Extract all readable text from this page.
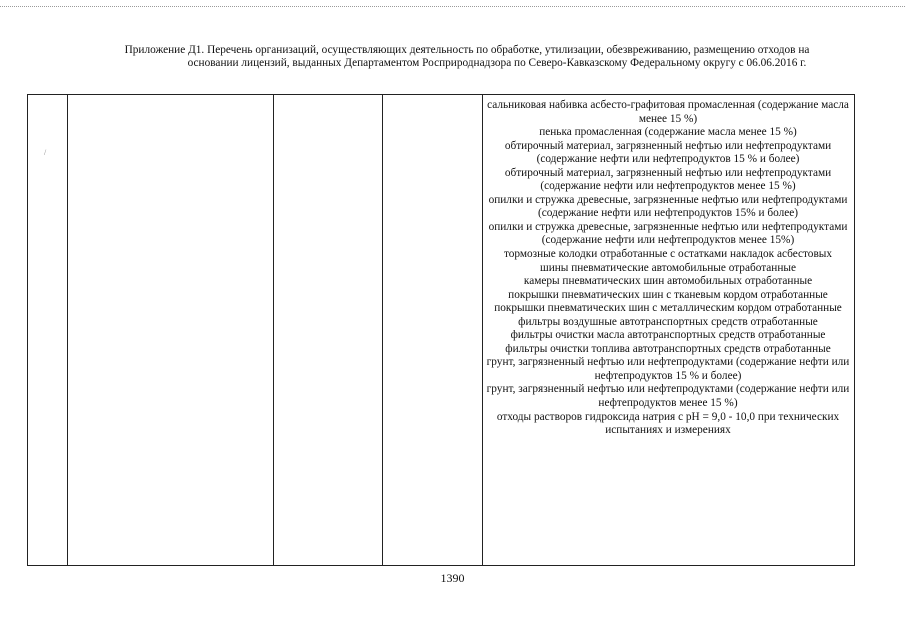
Приложение Д1. Перечень организаций, осуществляющих деятельность по обработке, утилизации, обезвреживанию, размещению отходов на
основании лицензий, выданных Департаментом Росприроднадзора по Северо-Кавказскому Федеральному округу с 06.06.2016 г.
сальниковая набивка асбесто-графитовая промасленная (содержание масла менее 15 %)
пенька промасленная (содержание масла менее 15 %)
обтирочный материал, загрязненный нефтью или нефтепродуктами (содержание нефти или нефтепродуктов 15 % и более)
обтирочный материал, загрязненный нефтью или нефтепродуктами (содержание нефти или нефтепродуктов менее 15 %)
опилки и стружка древесные, загрязненные нефтью или нефтепродуктами (содержание нефти или нефтепродуктов 15% и более)
опилки и стружка древесные, загрязненные нефтью или нефтепродуктами (содержание нефти или нефтепродуктов менее 15%)
тормозные колодки отработанные с остатками накладок асбестовых
шины пневматические автомобильные отработанные
камеры пневматических шин автомобильных отработанные
покрышки пневматических шин с тканевым кордом отработанные
покрышки пневматических шин с металлическим кордом отработанные
фильтры воздушные автотранспортных средств отработанные
фильтры очистки масла автотранспортных средств отработанные
фильтры очистки топлива автотранспортных средств отработанные
грунт, загрязненный нефтью или нефтепродуктами (содержание нефти или нефтепродуктов 15 % и более)
грунт, загрязненный нефтью или нефтепродуктами (содержание нефти или нефтепродуктов менее 15 %)
отходы растворов гидроксида натрия с рН = 9,0 - 10,0 при технических испытаниях и измерениях
/
1390
